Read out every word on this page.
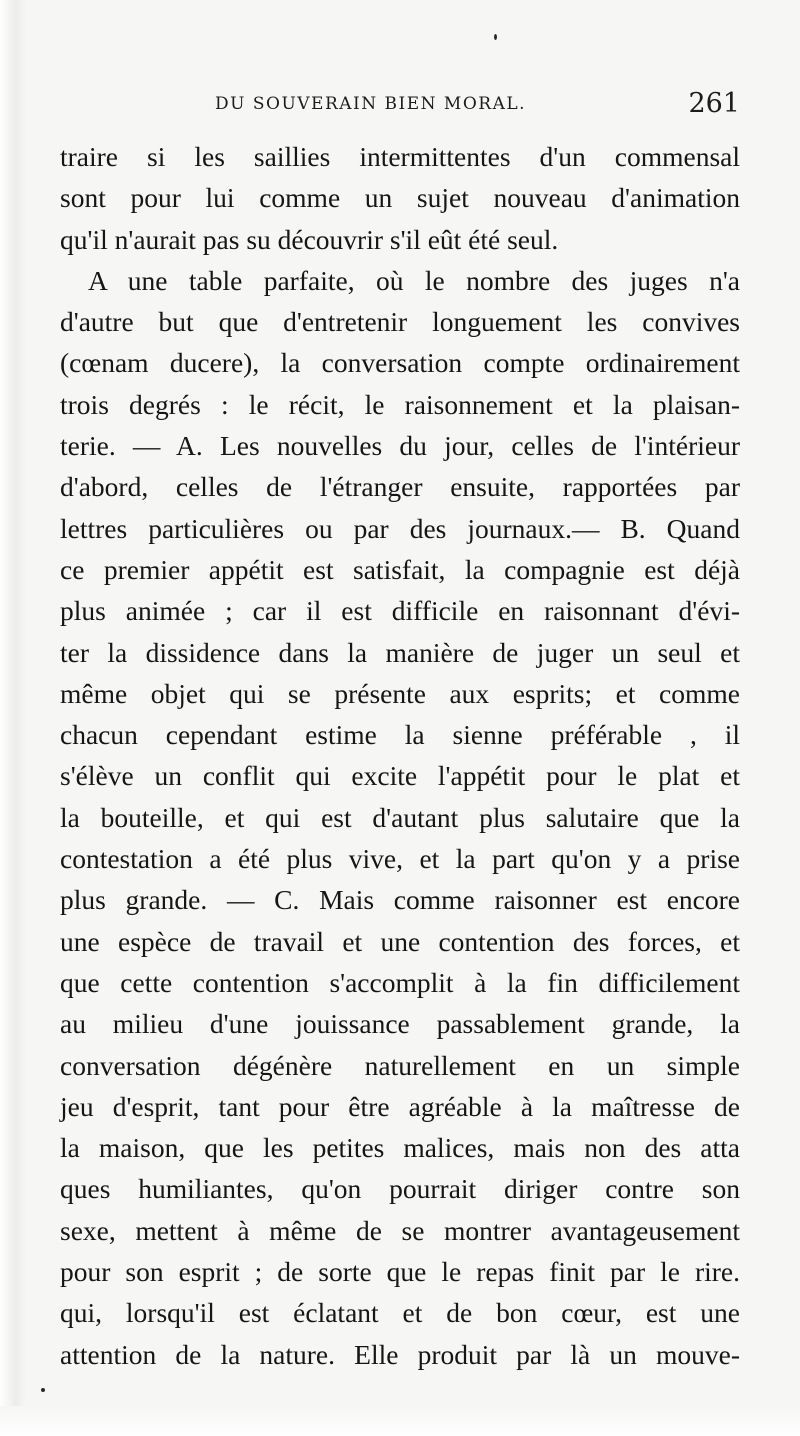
DU SOUVERAIN BIEN MORAL.	261
traire si les saillies intermittentes d'un commensal
sont pour lui comme un sujet nouveau d'animation
qu'il n'aurait pas su découvrir s'il eût été seul.
A une table parfaite, où le nombre des juges n'a
d'autre but que d'entretenir longuement les convives
(cœnam ducere), la conversation compte ordinairement
trois degrés : le récit, le raisonnement et la plaisan-
terie. — A. Les nouvelles du jour, celles de l'intérieur
d'abord, celles de l'étranger ensuite, rapportées par
lettres particulières ou par des journaux.— B. Quand
ce premier appétit est satisfait, la compagnie est déjà
plus animée ; car il est difficile en raisonnant d'évi-
ter la dissidence dans la manière de juger un seul et
même objet qui se présente aux esprits; et comme
chacun cependant estime la sienne préférable , il
s'élève un conflit qui excite l'appétit pour le plat et
la bouteille, et qui est d'autant plus salutaire que la
contestation a été plus vive, et la part qu'on y a prise
plus grande. — C. Mais comme raisonner est encore
une espèce de travail et une contention des forces, et
que cette contention s'accomplit à la fin difficilement
au milieu d'une jouissance passablement grande, la
conversation dégénère naturellement en un simple
jeu d'esprit, tant pour être agréable à la maîtresse de
la maison, que les petites malices, mais non des atta
ques humiliantes, qu'on pourrait diriger contre son
sexe, mettent à même de se montrer avantageusement
pour son esprit ; de sorte que le repas finit par le rire.
qui, lorsqu'il est éclatant et de bon cœur, est une
attention de la nature. Elle produit par là un mouve-
